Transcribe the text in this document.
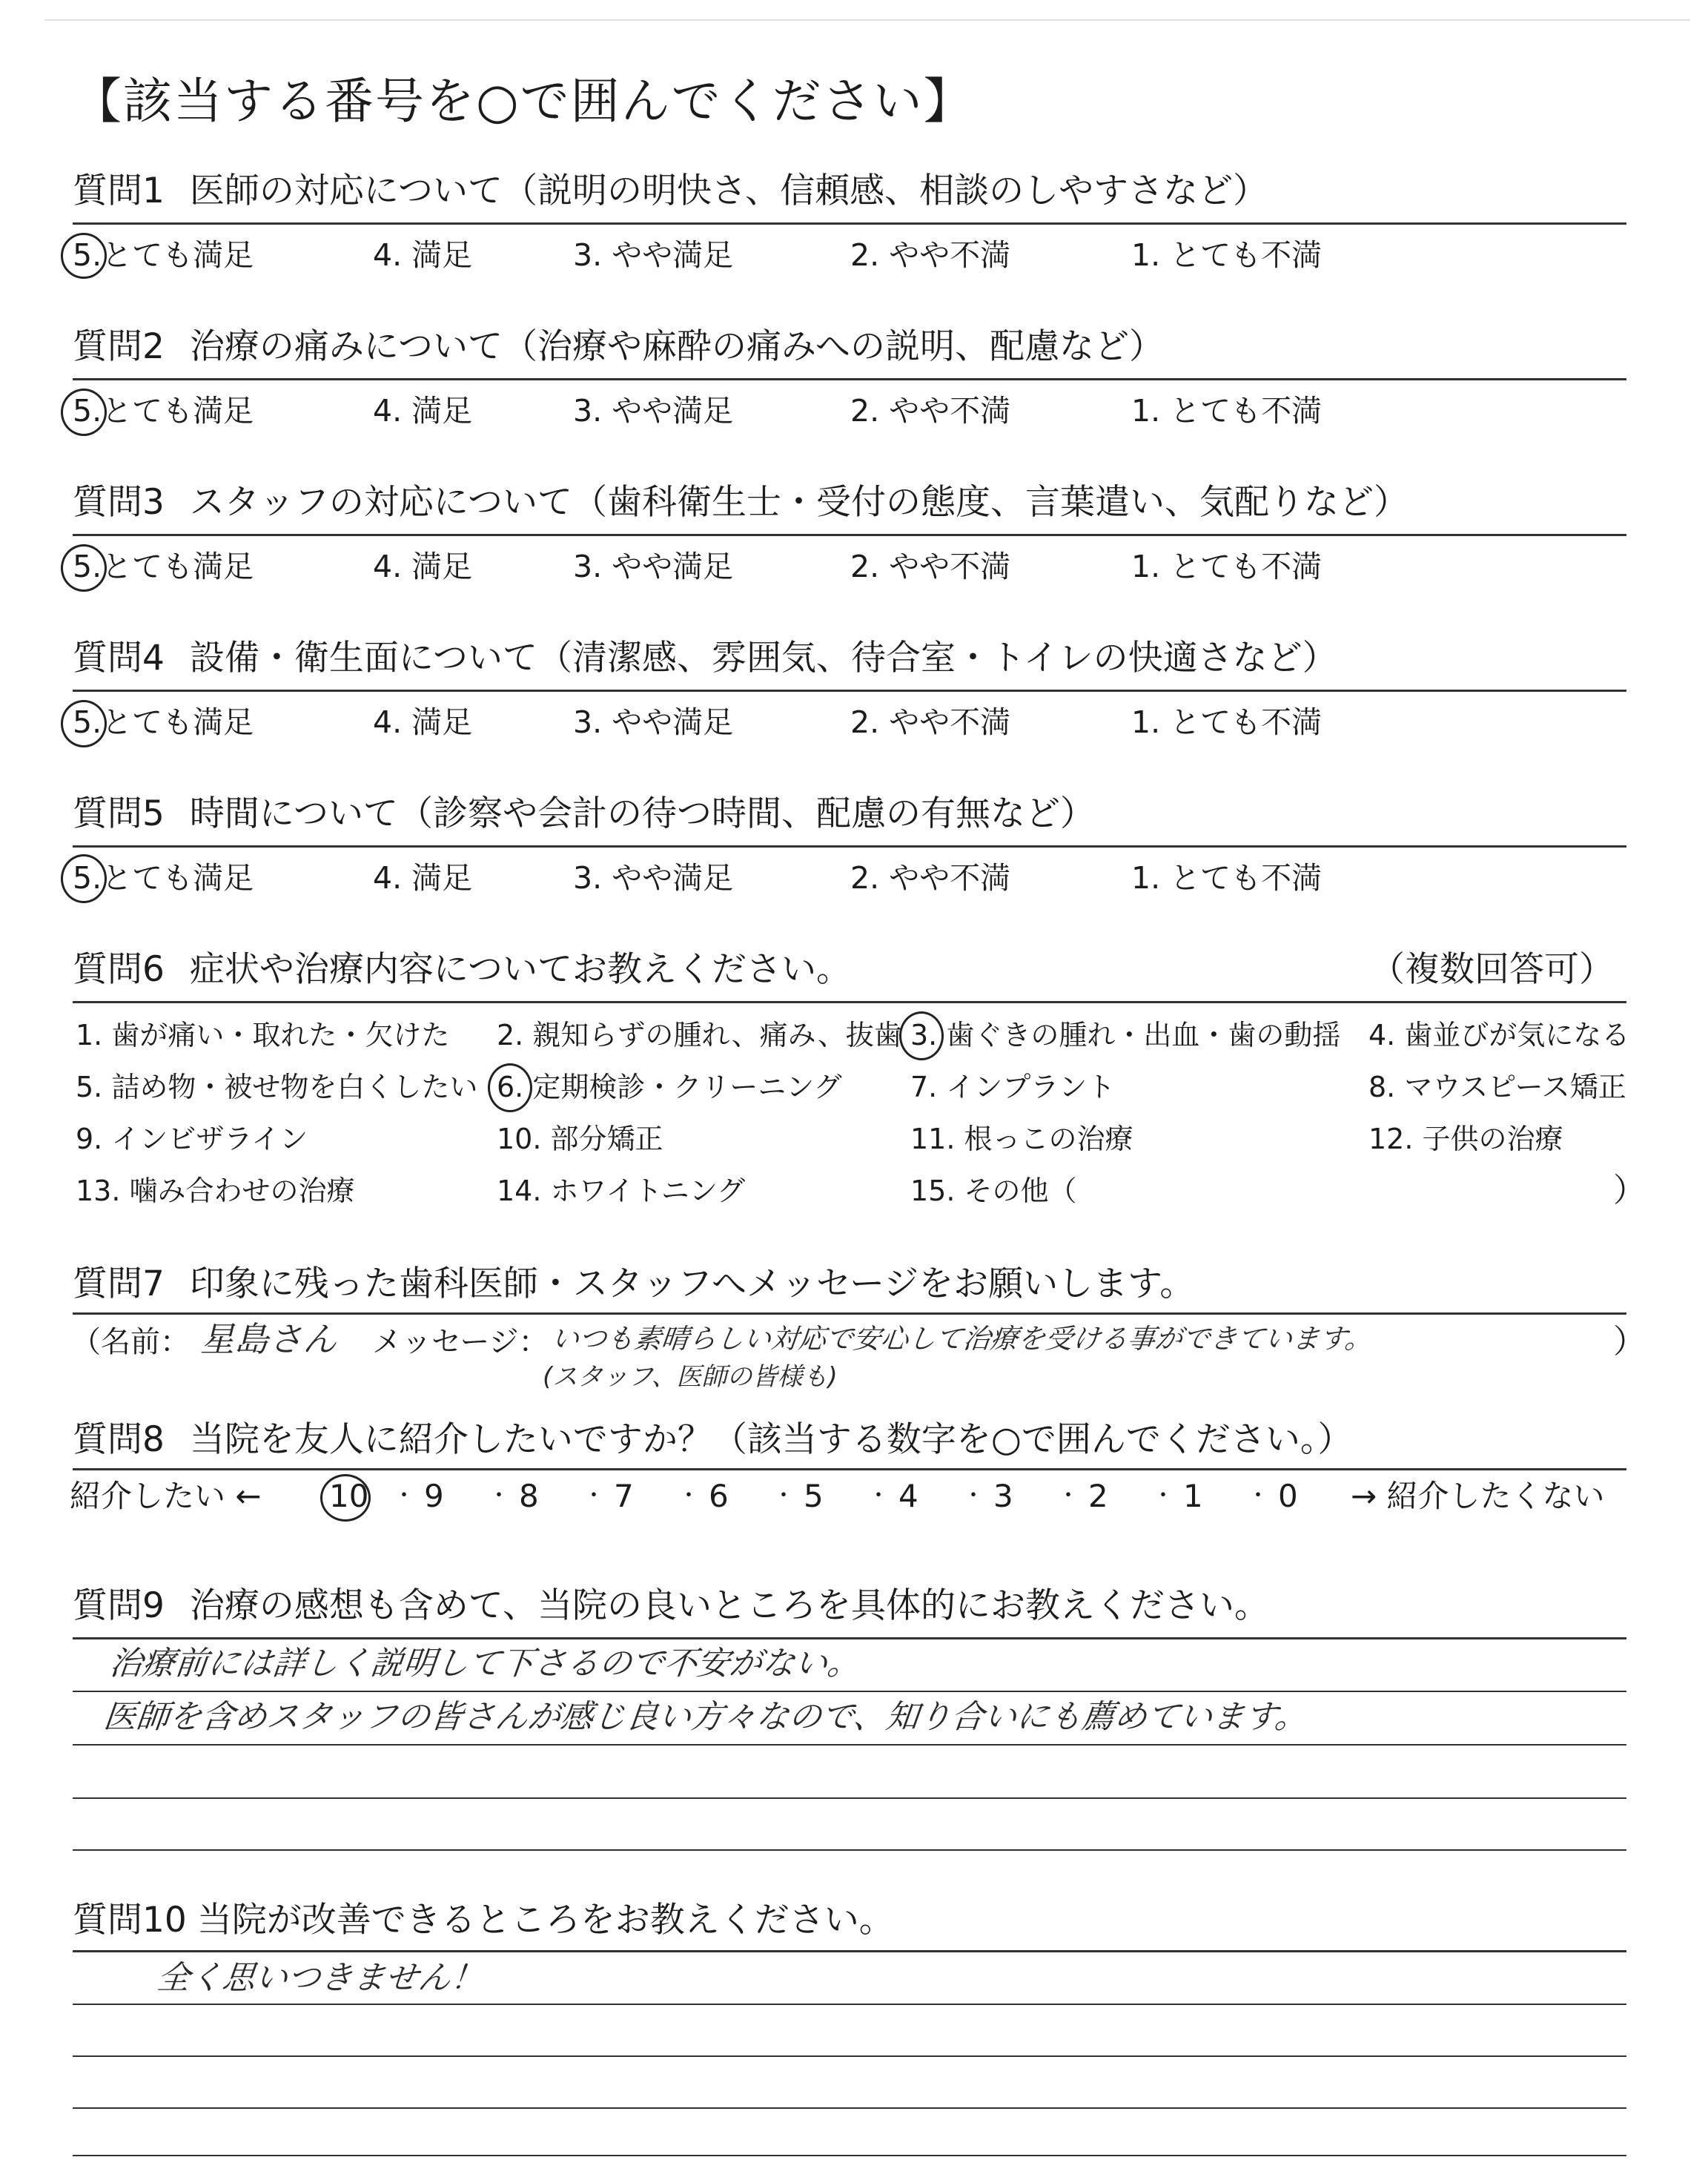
【該当する番号を○で囲んでください】
質問1 医師の対応について（説明の明快さ、信頼感、相談のしやすさなど）
5.とても満足	4. 満足	3. やや満足	2. やや不満	1. とても不満
質問2 治療の痛みについて（治療や麻酔の痛みへの説明、配慮など）
5.とても満足	4. 満足	3. やや満足	2. やや不満	1. とても不満
質問3 スタッフの対応について（歯科衛生士・受付の態度、言葉遣い、気配りなど）
5.とても満足	4. 満足	3. やや満足	2. やや不満	1. とても不満
質問4 設備・衛生面について（清潔感、雰囲気、待合室・トイレの快適さなど）
5.とても満足	4. 満足	3. やや満足	2. やや不満	1. とても不満
質問5 時間について（診察や会計の待つ時間、配慮の有無など）
5.とても満足	4. 満足	3. やや満足	2. やや不満	1. とても不満
質問6 症状や治療内容についてお教えください。	（複数回答可）
1. 歯が痛い・取れた・欠けた 2. 親知らずの腫れ、痛み、抜歯 3. 歯ぐきの腫れ・出血・歯の動揺 4. 歯並びが気になる
5. 詰め物・被せ物を白くしたい 6. 定期検診・クリーニング 7. インプラント	8. マウスピース矯正
9. インビザライン	10. 部分矯正	11. 根っこの治療	12. 子供の治療
13. 噛み合わせの治療	14. ホワイトニング	15. その他（	）
質問7 印象に残った歯科医師・スタッフへメッセージをお願いします。
（名前： 星島さん メッセージ： いつも素晴らしい対応で安心して治療を受ける事ができています。
(スタッフ、医師の皆様も)
）
質問8 当院を友人に紹介したいですか？（該当する数字を○で囲んでください。）
紹介したい ← 10 ・ 9 ・ 8 ・ 7 ・ 6 ・ 5 ・ 4 ・ 3 ・ 2 ・ 1 ・ 0 → 紹介したくない
質問9 治療の感想も含めて、当院の良いところを具体的にお教えください。
治療前には詳しく説明して下さるので不安がない。
医師を含めスタッフの皆さんが感じ良い方々なので、知り合いにも薦めています。
質問10 当院が改善できるところをお教えください。
全く思いつきません！
